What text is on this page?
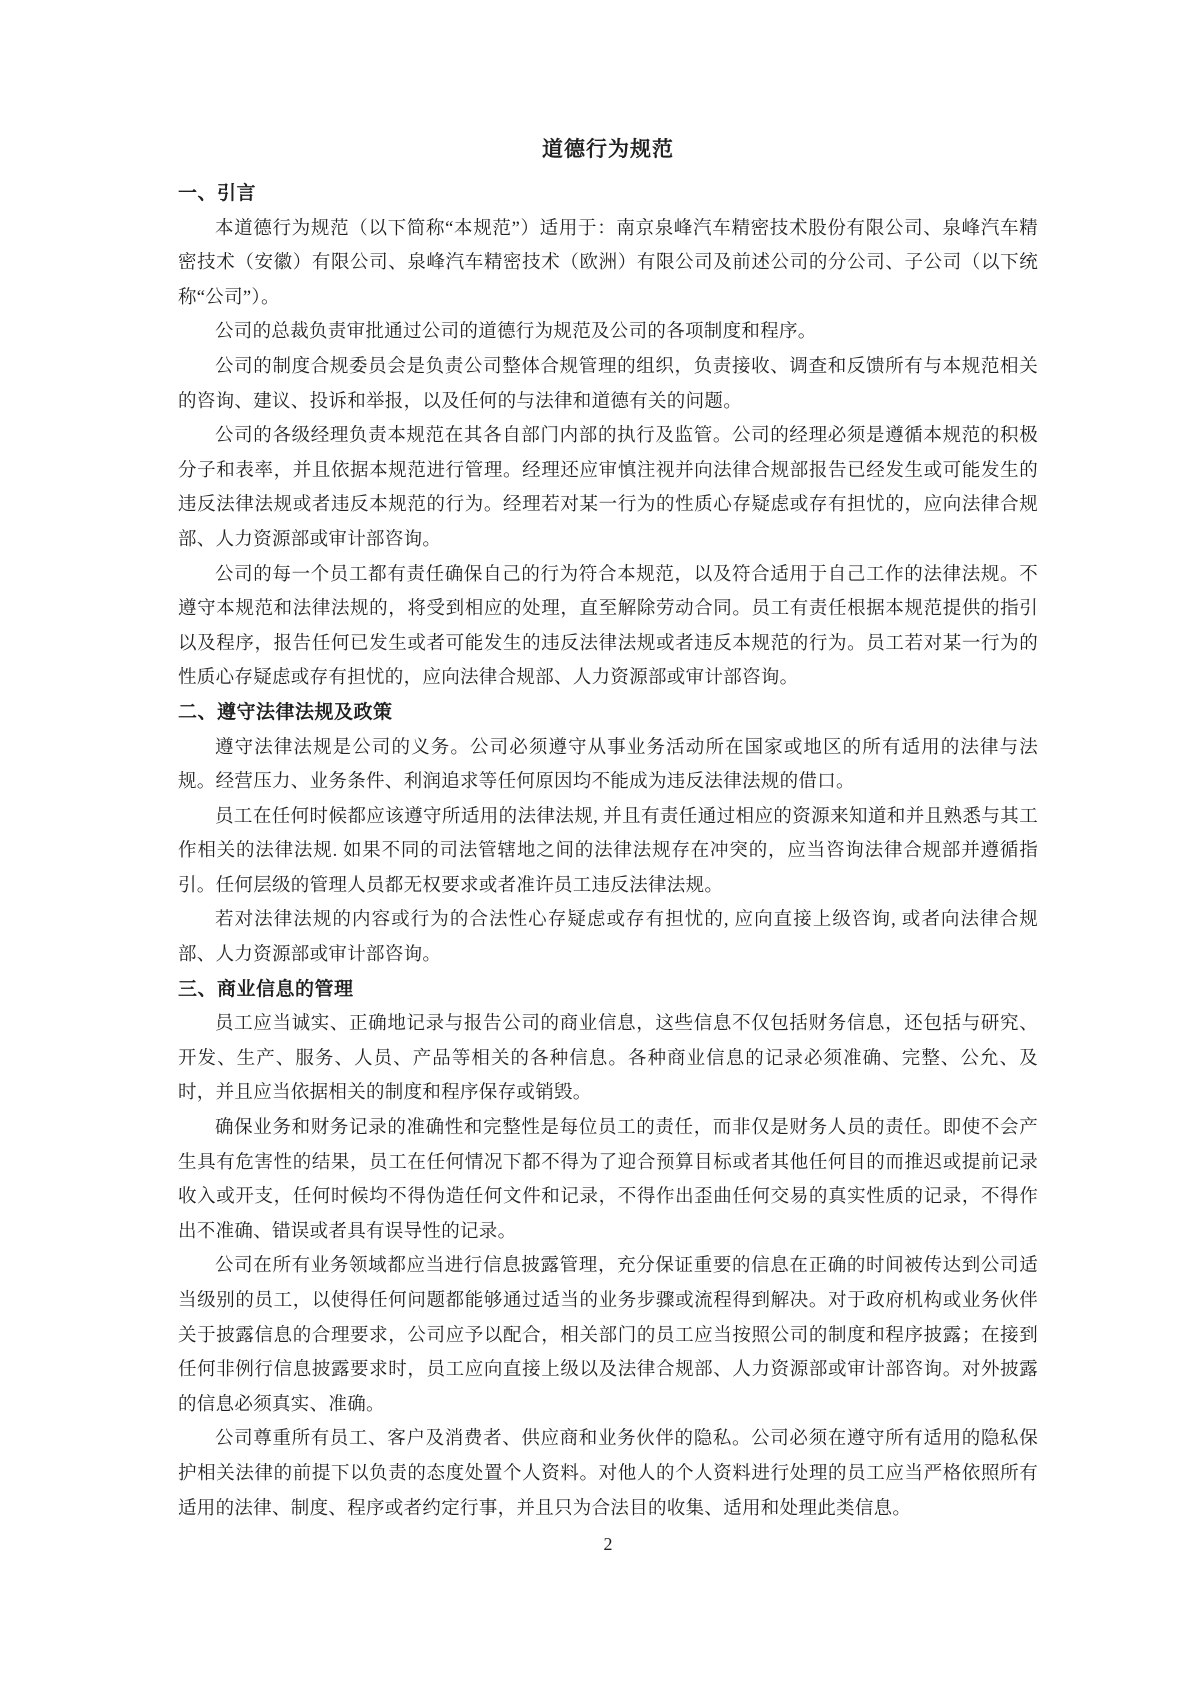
道德行为规范
一、引言

本道德行为规范（以下简称“本规范”）适用于：南京泉峰汽车精密技术股份有限公司、泉峰汽车精密技术（安徽）有限公司、泉峰汽车精密技术（欧洲）有限公司及前述公司的分公司、子公司（以下统称“公司”）。

公司的总裁负责审批通过公司的道德行为规范及公司的各项制度和程序。

公司的制度合规委员会是负责公司整体合规管理的组织，负责接收、调查和反馈所有与本规范相关的咨询、建议、投诉和举报，以及任何的与法律和道德有关的问题。

公司的各级经理负责本规范在其各自部门内部的执行及监管。公司的经理必须是遵循本规范的积极分子和表率，并且依据本规范进行管理。经理还应审慎注视并向法律合规部报告已经发生或可能发生的违反法律法规或者违反本规范的行为。经理若对某一行为的性质心存疑虑或存有担忧的，应向法律合规部、人力资源部或审计部咨询。

公司的每一个员工都有责任确保自己的行为符合本规范，以及符合适用于自己工作的法律法规。不遵守本规范和法律法规的，将受到相应的处理，直至解除劳动合同。员工有责任根据本规范提供的指引以及程序，报告任何已发生或者可能发生的违反法律法规或者违反本规范的行为。员工若对某一行为的性质心存疑虑或存有担忧的，应向法律合规部、人力资源部或审计部咨询。

二、遵守法律法规及政策

遵守法律法规是公司的义务。公司必须遵守从事业务活动所在国家或地区的所有适用的法律与法规。经营压力、业务条件、利润追求等任何原因均不能成为违反法律法规的借口。

员工在任何时候都应该遵守所适用的法律法规, 并且有责任通过相应的资源来知道和并且熟悉与其工作相关的法律法规. 如果不同的司法管辖地之间的法律法规存在冲突的，应当咨询法律合规部并遵循指引。任何层级的管理人员都无权要求或者准许员工违反法律法规。

若对法律法规的内容或行为的合法性心存疑虑或存有担忧的, 应向直接上级咨询, 或者向法律合规部、人力资源部或审计部咨询。

三、商业信息的管理

员工应当诚实、正确地记录与报告公司的商业信息，这些信息不仅包括财务信息，还包括与研究、开发、生产、服务、人员、产品等相关的各种信息。各种商业信息的记录必须准确、完整、公允、及时，并且应当依据相关的制度和程序保存或销毁。

确保业务和财务记录的准确性和完整性是每位员工的责任，而非仅是财务人员的责任。即使不会产生具有危害性的结果，员工在任何情况下都不得为了迎合预算目标或者其他任何目的而推迟或提前记录收入或开支，任何时候均不得伪造任何文件和记录，不得作出歪曲任何交易的真实性质的记录，不得作出不准确、错误或者具有误导性的记录。

公司在所有业务领域都应当进行信息披露管理，充分保证重要的信息在正确的时间被传达到公司适当级别的员工，以使得任何问题都能够通过适当的业务步骤或流程得到解决。对于政府机构或业务伙伴关于披露信息的合理要求，公司应予以配合，相关部门的员工应当按照公司的制度和程序披露；在接到任何非例行信息披露要求时，员工应向直接上级以及法律合规部、人力资源部或审计部咨询。对外披露的信息必须真实、准确。

公司尊重所有员工、客户及消费者、供应商和业务伙伴的隐私。公司必须在遵守所有适用的隐私保护相关法律的前提下以负责的态度处置个人资料。对他人的个人资料进行处理的员工应当严格依照所有适用的法律、制度、程序或者约定行事，并且只为合法目的收集、适用和处理此类信息。

2
